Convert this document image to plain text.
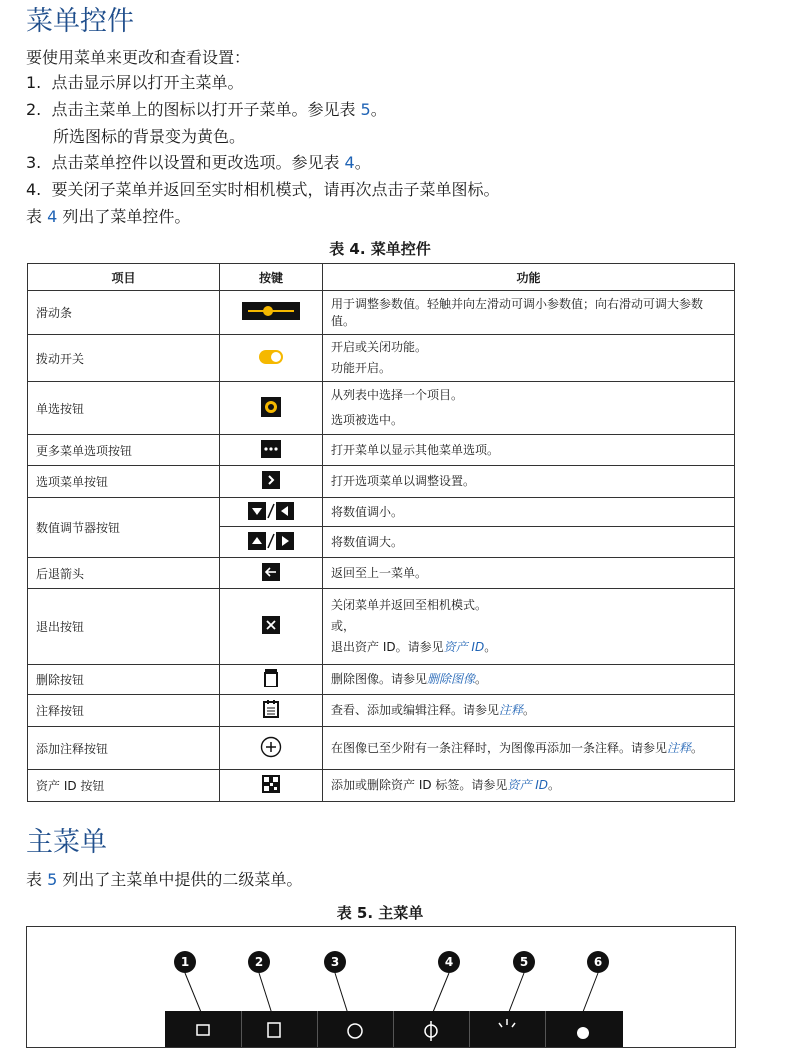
菜单控件
要使用菜单来更改和查看设置：
1. 点击显示屏以打开主菜单。
2. 点击主菜单上的图标以打开子菜单。参见表 5。
所选图标的背景变为黄色。
3. 点击菜单控件以设置和更改选项。参见表 4。
4. 要关闭子菜单并返回至实时相机模式，请再次点击子菜单图标。
表 4 列出了菜单控件。
表 4. 菜单控件
项目	按键	功能
滑动条		用于调整参数值。轻触并向左滑动可调小参数值；向右滑动可调大参数值。
拨动开关		开启或关闭功能。
功能开启。

单选按钮		从列表中选择一个项目。
选项被选中。

更多菜单选项按钮		打开菜单以显示其他菜单选项。
选项菜单按钮		打开选项菜单以调整设置。
数值调节器按钮		将数值调小。
	将数值调大。
后退箭头		返回至上一菜单。
退出按钮		关闭菜单并返回至相机模式。
或，
退出资产 ID。请参见资产 ID。

删除按钮		删除图像。请参见删除图像。
注释按钮		查看、添加或编辑注释。请参见注释。
添加注释按钮		在图像已至少附有一条注释时，为图像再添加一条注释。请参见注释。
资产 ID 按钮		添加或删除资产 ID 标签。请参见资产 ID。
主菜单
表 5 列出了主菜单中提供的二级菜单。
表 5. 主菜单
1	2	3	4	5	6
